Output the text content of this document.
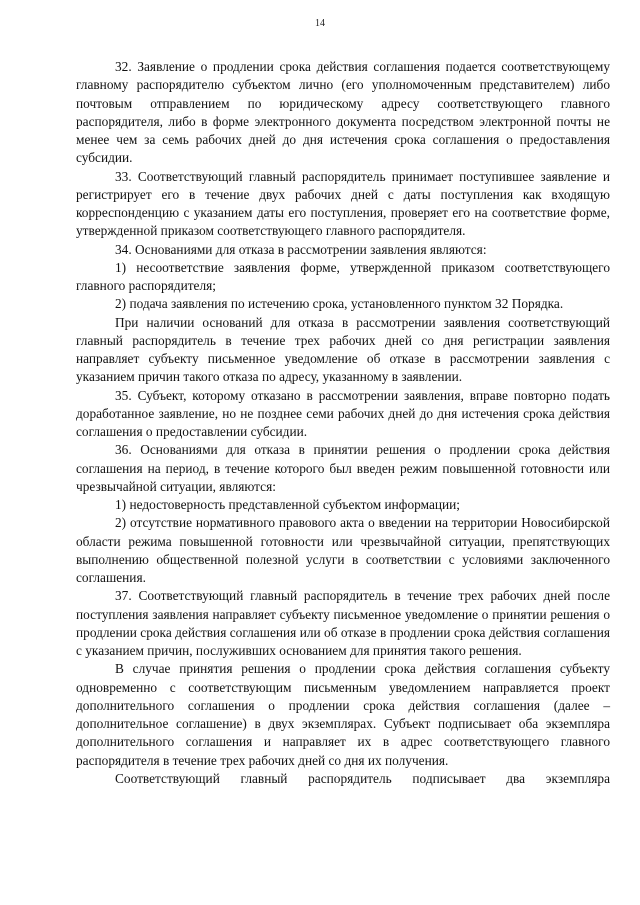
14

32. Заявление о продлении срока действия соглашения подается соответствующему главному распорядителю субъектом лично (его уполномоченным представителем) либо почтовым отправлением по юридическому адресу соответствующего главного распорядителя, либо в форме электронного документа посредством электронной почты не менее чем за семь рабочих дней до дня истечения срока соглашения о предоставления субсидии.

33. Соответствующий главный распорядитель принимает поступившее заявление и регистрирует его в течение двух рабочих дней с даты поступления как входящую корреспонденцию с указанием даты его поступления, проверяет его на соответствие форме, утвержденной приказом соответствующего главного распорядителя.

34. Основаниями для отказа в рассмотрении заявления являются:

1) несоответствие заявления форме, утвержденной приказом соответствующего главного распорядителя;

2) подача заявления по истечению срока, установленного пунктом 32 Порядка.

При наличии оснований для отказа в рассмотрении заявления соответствующий главный распорядитель в течение трех рабочих дней со дня регистрации заявления направляет субъекту письменное уведомление об отказе в рассмотрении заявления с указанием причин такого отказа по адресу, указанному в заявлении.

35. Субъект, которому отказано в рассмотрении заявления, вправе повторно подать доработанное заявление, но не позднее семи рабочих дней до дня истечения срока действия соглашения о предоставлении субсидии.

36. Основаниями для отказа в принятии решения о продлении срока действия соглашения на период, в течение которого был введен режим повышенной готовности или чрезвычайной ситуации, являются:

1) недостоверность представленной субъектом информации;

2) отсутствие нормативного правового акта о введении на территории Новосибирской области режима повышенной готовности или чрезвычайной ситуации, препятствующих выполнению общественной полезной услуги в соответствии с условиями заключенного соглашения.

37. Соответствующий главный распорядитель в течение трех рабочих дней после поступления заявления направляет субъекту письменное уведомление о принятии решения о продлении срока действия соглашения или об отказе в продлении срока действия соглашения с указанием причин, послуживших основанием для принятия такого решения.

В случае принятия решения о продлении срока действия соглашения субъекту одновременно с соответствующим письменным уведомлением направляется проект дополнительного соглашения о продлении срока действия соглашения (далее – дополнительное соглашение) в двух экземплярах. Субъект подписывает оба экземпляра дополнительного соглашения и направляет их в адрес соответствующего главного распорядителя в течение трех рабочих дней со дня их получения.

Соответствующий главный распорядитель подписывает два экземпляра
